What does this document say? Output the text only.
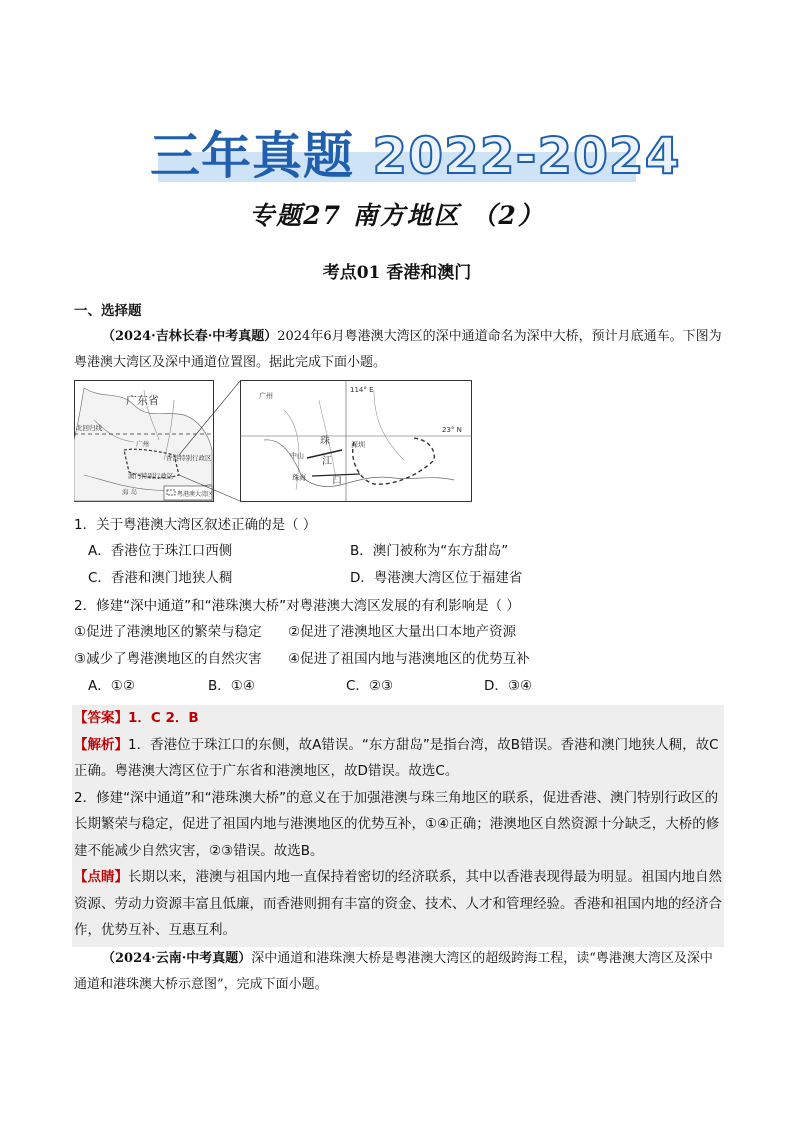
三年真题 2022-2024
专题27 南方地区 （2）
考点01 香港和澳门

一、选择题

（2024·吉林长春·中考真题）2024年6月粤港澳大湾区的深中通道命名为深中大桥，预计月底通车。下图为粤港澳大湾区及深中通道位置图。据此完成下面小题。

广东省
北回归线
广州
香港特别行政区
澳门特别行政区
海 岛	粤港澳大湾区
广州
114° E
23° N
深圳
中山
珠海
珠
江
口

1．关于粤港澳大湾区叙述正确的是（ ）

A．香港位于珠江口西侧	B．澳门被称为“东方甜岛”
C．香港和澳门地狭人稠	D．粤港澳大湾区位于福建省

2．修建“深中通道”和“港珠澳大桥”对粤港澳大湾区发展的有利影响是（ ）

①促进了港澳地区的繁荣与稳定	②促进了港澳地区大量出口本地产资源
③减少了粤港澳地区的自然灾害	④促进了祖国内地与港澳地区的优势互补
A．①②	B．①④	C．②③	D．③④

【答案】1．C 2．B

【解析】1．香港位于珠江口的东侧，故A错误。“东方甜岛”是指台湾，故B错误。香港和澳门地狭人稠，故C正确。粤港澳大湾区位于广东省和港澳地区，故D错误。故选C。

2．修建“深中通道”和“港珠澳大桥”的意义在于加强港澳与珠三角地区的联系，促进香港、澳门特别行政区的长期繁荣与稳定，促进了祖国内地与港澳地区的优势互补，①④正确；港澳地区自然资源十分缺乏，大桥的修建不能减少自然灾害，②③错误。故选B。

【点睛】长期以来，港澳与祖国内地一直保持着密切的经济联系，其中以香港表现得最为明显。祖国内地自然资源、劳动力资源丰富且低廉，而香港则拥有丰富的资金、技术、人才和管理经验。香港和祖国内地的经济合作，优势互补、互惠互利。

（2024·云南·中考真题）深中通道和港珠澳大桥是粤港澳大湾区的超级跨海工程，读“粤港澳大湾区及深中通道和港珠澳大桥示意图”，完成下面小题。
